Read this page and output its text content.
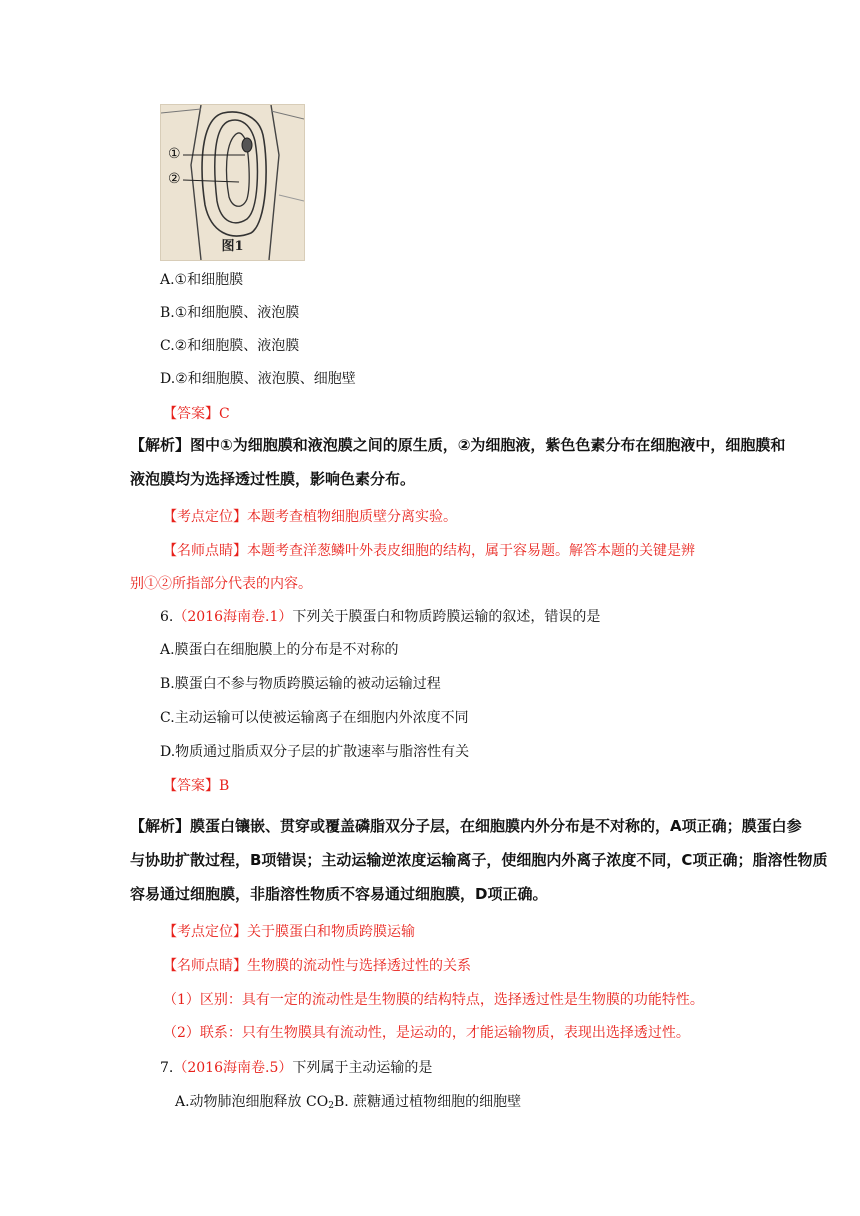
①
②
图1
A.①和细胞膜
B.①和细胞膜、液泡膜
C.②和细胞膜、液泡膜
D.②和细胞膜、液泡膜、细胞壁
【答案】C
【解析】图中①为细胞膜和液泡膜之间的原生质，②为细胞液，紫色色素分布在细胞液中，细胞膜和
液泡膜均为选择透过性膜，影响色素分布。
【考点定位】本题考查植物细胞质壁分离实验。
【名师点睛】本题考查洋葱鳞叶外表皮细胞的结构，属于容易题。解答本题的关键是辨
别①②所指部分代表的内容。
6.（2016海南卷.1）下列关于膜蛋白和物质跨膜运输的叙述，错误的是
A.膜蛋白在细胞膜上的分布是不对称的
B.膜蛋白不参与物质跨膜运输的被动运输过程
C.主动运输可以使被运输离子在细胞内外浓度不同
D.物质通过脂质双分子层的扩散速率与脂溶性有关
【答案】B
【解析】膜蛋白镶嵌、贯穿或覆盖磷脂双分子层，在细胞膜内外分布是不对称的，A项正确；膜蛋白参
与协助扩散过程，B项错误；主动运输逆浓度运输离子，使细胞内外离子浓度不同，C项正确；脂溶性物质
容易通过细胞膜，非脂溶性物质不容易通过细胞膜，D项正确。
【考点定位】关于膜蛋白和物质跨膜运输
【名师点睛】生物膜的流动性与选择透过性的关系
（1）区别：具有一定的流动性是生物膜的结构特点，选择透过性是生物膜的功能特性。
（2）联系：只有生物膜具有流动性，是运动的，才能运输物质，表现出选择透过性。
7.（2016海南卷.5）下列属于主动运输的是
A.动物肺泡细胞释放 $CO_2B$. 蔗糖通过植物细胞的细胞壁
